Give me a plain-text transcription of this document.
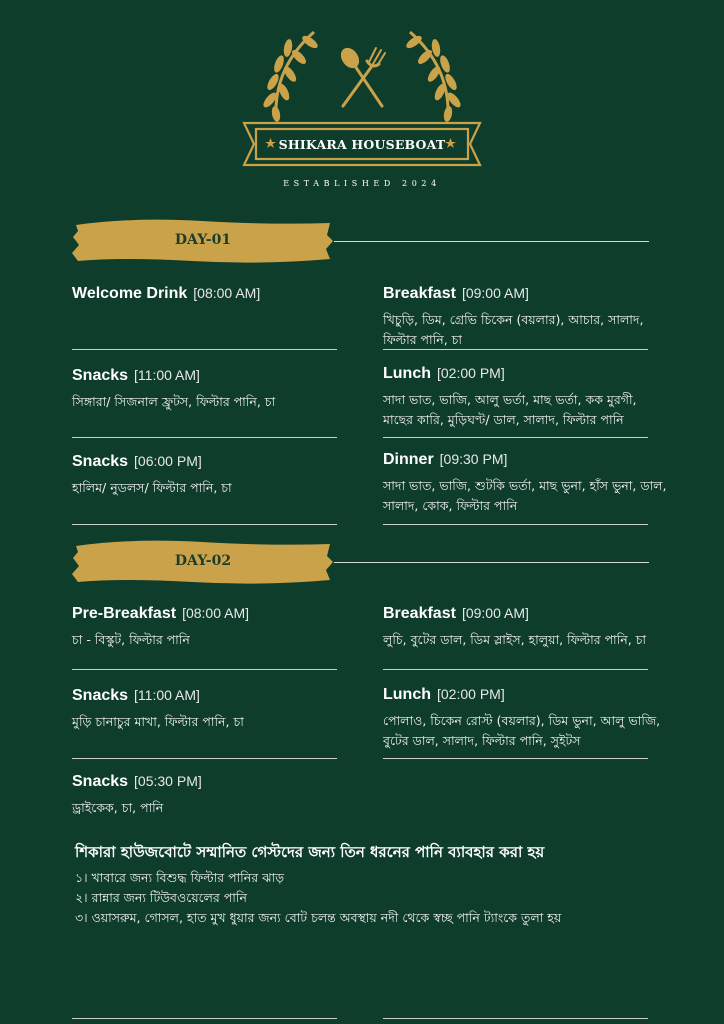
SHIKARA HOUSEBOAT
ESTABLISHED 2024
DAY-01
Welcome Drink [08:00 AM]	Breakfast [09:00 AM]
খিচুড়ি, ডিম, গ্রেভি চিকেন (বয়লার), আচার, সালাদ, ফিল্টার পানি, চা
Snacks [11:00 AM]
সিঙ্গারা/ সিজনাল ফ্রুটস, ফিল্টার পানি, চা
Lunch [02:00 PM]
সাদা ভাত, ভাজি, আলু ভর্তা, মাছ ভর্তা, কক মুরগী, মাছের কারি, মুড়িঘণ্ট/ ডাল, সালাদ, ফিল্টার পানি
Snacks [06:00 PM]
হালিম/ নুডলস/ ফিল্টার পানি, চা
Dinner [09:30 PM]
সাদা ভাত, ভাজি, শুটকি ভর্তা, মাছ ভুনা, হাঁস ভুনা, ডাল, সালাদ, কোক, ফিল্টার পানি
DAY-02
Pre-Breakfast [08:00 AM]
চা - বিস্কুট, ফিল্টার পানি
Breakfast [09:00 AM]
লুচি, বুটের ডাল, ডিম স্লাইস, হালুয়া, ফিল্টার পানি, চা
Snacks [11:00 AM]
মুড়ি চানাচুর মাখা, ফিল্টার পানি, চা
Lunch [02:00 PM]
পোলাও, চিকেন রোস্ট (বয়লার), ডিম ভুনা, আলু ভাজি, বুটের ডাল, সালাদ, ফিল্টার পানি, সুইটস
Snacks [05:30 PM]
ড্রাইকেক, চা, পানি
শিকারা হাউজবোটে সম্মানিত গেস্টদের জন্য তিন ধরনের পানি ব্যাবহার করা হয়
১। খাবারে জন্য বিশুদ্ধ ফিল্টার পানির ঝাড়
২। রান্নার জন্য টিউবওয়েলের পানি
৩। ওয়াসরুম, গোসল, হাত মুখ ধুয়ার জন্য বোট চলন্ত অবস্থায় নদী থেকে স্বচ্ছ পানি ট্যাংকে তুলা হয়
